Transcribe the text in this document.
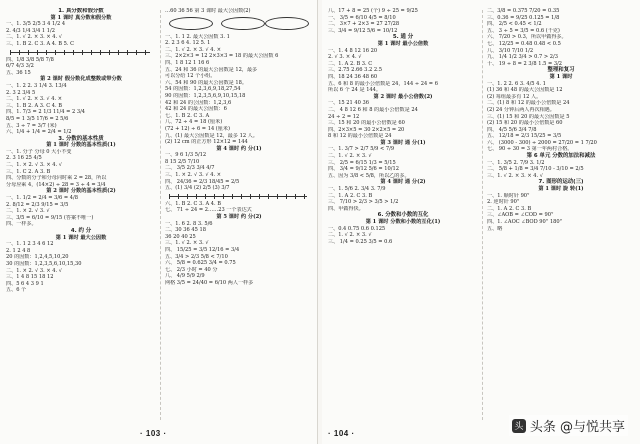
1. 真分数和假分数
第 1 课时 真分数和假分数
一、1. 3/5 2/5 3 4 1/2 4
2. 4/3 1/4 3/4 1 1/2
二、1. √ 2. × 3. × 4. √
三、1. B 2. C 3. A 4. B 5. C
四、1/8 3/8 5/8 7/8
6/7 4/3 3/2
五、36 15
第 2 课时 假分数化成整数或带分数
一、1. 2 2. 3 1/4 3. 13/4
2. 3 2 3/4 5
二、1. √ 2. × 3. √ 4. ×
三、1. B 2. A 3. C 4. B
四、1. 7/3 = 2 1/3 11/4 = 2 3/4
8/5 = 1 3/5 17/6 = 2 5/6
五、3 ÷ 7 = 3/7 (米)
六、1/4 + 1/4 = 2/4 = 1/2
3. 分数的基本性质
第 1 课时 分数的基本性质(1)
一、1. 分子 分母 0 大小不变
2. 3 16 25 4/5
二、1. × 2. √ 3. × 4. √
三、1. C 2. A 3. B
四、分数的分子和分母同时乘 2 = 28，所以
分母应乘 4，(14×2) ÷ 28 = 3 ÷ 4 = 3/4
第 2 课时 分数的基本性质(2)
一、1. 1/2 = 2/4 = 3/6 = 4/8
2. 8/12 = 2/3 9/15 = 3/5
二、1. × 2. √ 3. √
三、3/5 = 6/10 = 9/15 (答案不唯一)
四、一样多。
4. 约 分
第 1 课时 最大公因数
一、1. 1 2 3 4 6 12
2. 1 2 4 8
20 的因数：1,2,4,5,10,20
30 的因数：1,2,3,5,6,10,15,30
二、1. × 2. √ 3. × 4. √
三、1 4 8 15 18 12
四、5 6 4 3 9 1
五、6 个
…60 36 56 第 3 课时 最大公因数(2)
一、1. 1 2. 最大公因数 3. 1
2. 2 3 6 4. 12 5. 1
二、1. √ 2. × 3. √ 4. ×
三、2×2×3 = 12 2×3×3 = 18 的最大公因数 6
四、1 8 12 1 16 6
五、24 和 36 的最大公因数是 12，最多
可以分给 12 个小组。
六、54 和 90 的最大公因数是 18。
54 的因数：1,2,3,6,9,18,27,54
90 的因数：1,2,3,5,6,9,10,15,18
42 和 24 的公因数：1,2,3,6
42 和 24 的最大公因数：6
七、1. B 2. C 3. A
八、72 ÷ 4 = 18 (厘米)
(72 + 12) ÷ 6 = 14 (厘米)
九、(1) 最大公因数是 12，最多 12 人。
(2) 12 cm 的正方形 12×12 = 144
第 4 课时 约 分(1)
一、9 6 1/3 5/12
8 15 2/5 7/10
二、 3/5 2/3 3/4 4/7
三、1. × 2. √ 3. √ 4. ×
四、 24/36 = 2/3 18/45 = 2/5
五、(1) 3/4 (2) 2/5 (3) 3/7
六、1. B 2. C 3. A 4. B
七、 71 ÷ 24 = 2……23 一个表达式
第 5 课时 约 分(2)
一、1. 6 2. 8 3. 5/6
二、30 36 45 18
36 20 40 25
三、1. √ 2. × 3. √
四、 15/25 = 3/5 12/16 = 3/4
五、3/4 > 2/3 5/8 < 7/10
六、 5/8 = 0.625 3/4 = 0.75
七、 2/3 小时 = 40 分
八、 4/9 5/9 2/9
网格 3/5 = 24/40 = 6/10 两人一样多
· 103 ·
八、17 + 8 = 25 (个) 9 ÷ 25 = 9/25
一、 3/5 = 6/10 4/5 = 8/10
二、 3×7 + 2×3 = 27 27/28
三、3/4 = 9/12 5/6 = 10/12
5. 通 分
第 1 课时 最小公倍数
一、1. 4 8 12 16 20
2. √ 3. × 4. √
二、1. A 2. B 3. C
三、2.75 2.66 3.2 2.5
四、18 24 36 48 60
五、6 和 8 的最小公倍数是 24，144 ÷ 24 = 6
所以 6 个 24 是 144。
第 2 课时 最小公倍数(2)
一、15 21 40 36
二、 4 8 12 6 和 8 的最小公倍数是 24
24 ÷ 2 = 12
三、15 和 20 的最小公倍数是 60
四、2×3×5 = 30 2×2×5 = 20
8 和 12 的最小公倍数是 24
第 3 课时 通 分(1)
一、1. 3/7 > 2/7 5/9 < 7/9
二、1. √ 2. × 3. √
三、 2/5 = 6/15 1/3 = 5/15
四、 3/4 = 9/12 5/6 = 10/12
五、因为 3/8 < 5/8，所以乙的多。
第 4 课时 通 分(2)
一、1. 5/6 2. 3/4 3. 7/9
二、1. A 2. C 3. B
三、 7/10 > 2/3 > 3/5 > 1/2
四、甲做得快。
6. 分数和小数的互化
第 1 课时 分数和小数的互化(1)
一、0.4 0.75 0.6 0.125
二、1. √ 2. × 3. √
三、 1/4 = 0.25 3/5 = 0.6
二、3/8 = 0.375 7/20 = 0.35
三、0.36 = 9/25 0.125 = 1/8
四、 2/5 < 0.45 < 1/2
五、 3 ÷ 5 = 3/5 = 0.6 (千克)
六、 7/20 > 0.3，所以甲做得多。
七、 12/25 = 0.48 0.48 < 0.5
八、 3/10 7/10 1/2
九、 1/4 1/2 3/4 > 0.7 > 2/3
十、 19 ÷ 8 = 2 3/8 1.5 = 3/2
整理和复习
第 1 课时
一、1. 2 2. 6 3. 4/5 4. 1
(1) 36 和 48 的最大公因数是 12
(2) 每组最多有 12 人。
二、(1) 8 和 12 的最小公倍数是 24
(2) 24 分钟后两人再次相遇。
三、(1) 15 和 20 的最大公因数是 5
(2) 15 和 20 的最小公倍数是 60
四、 4/5 5/6 3/4 7/8
五、 12/18 = 2/3 15/25 = 3/5
六、 (3000 - 300) ÷ 2000 = 27/20 = 1 7/20
七、 90 ÷ 30 = 3 第一年两村合格。
第 6 单元 分数的加法和减法
一、1. 3/5 2. 7/9 3. 1/2
二、 5/8 + 1/8 = 3/4 7/10 - 3/10 = 2/5
三、1. √ 2. × 3. × 4. √
7. 图形的运动(三)
第 1 课时 旋 转(1)
一、1. 顺时针 90°
2. 逆时针 90°
二、1. A 2. C 3. B
三、∠AOB = ∠COD = 90°
四、1. ∠AOC ∠BOD 90° 180°
五、略
· 104 ·
头 头条 @与悦共享
